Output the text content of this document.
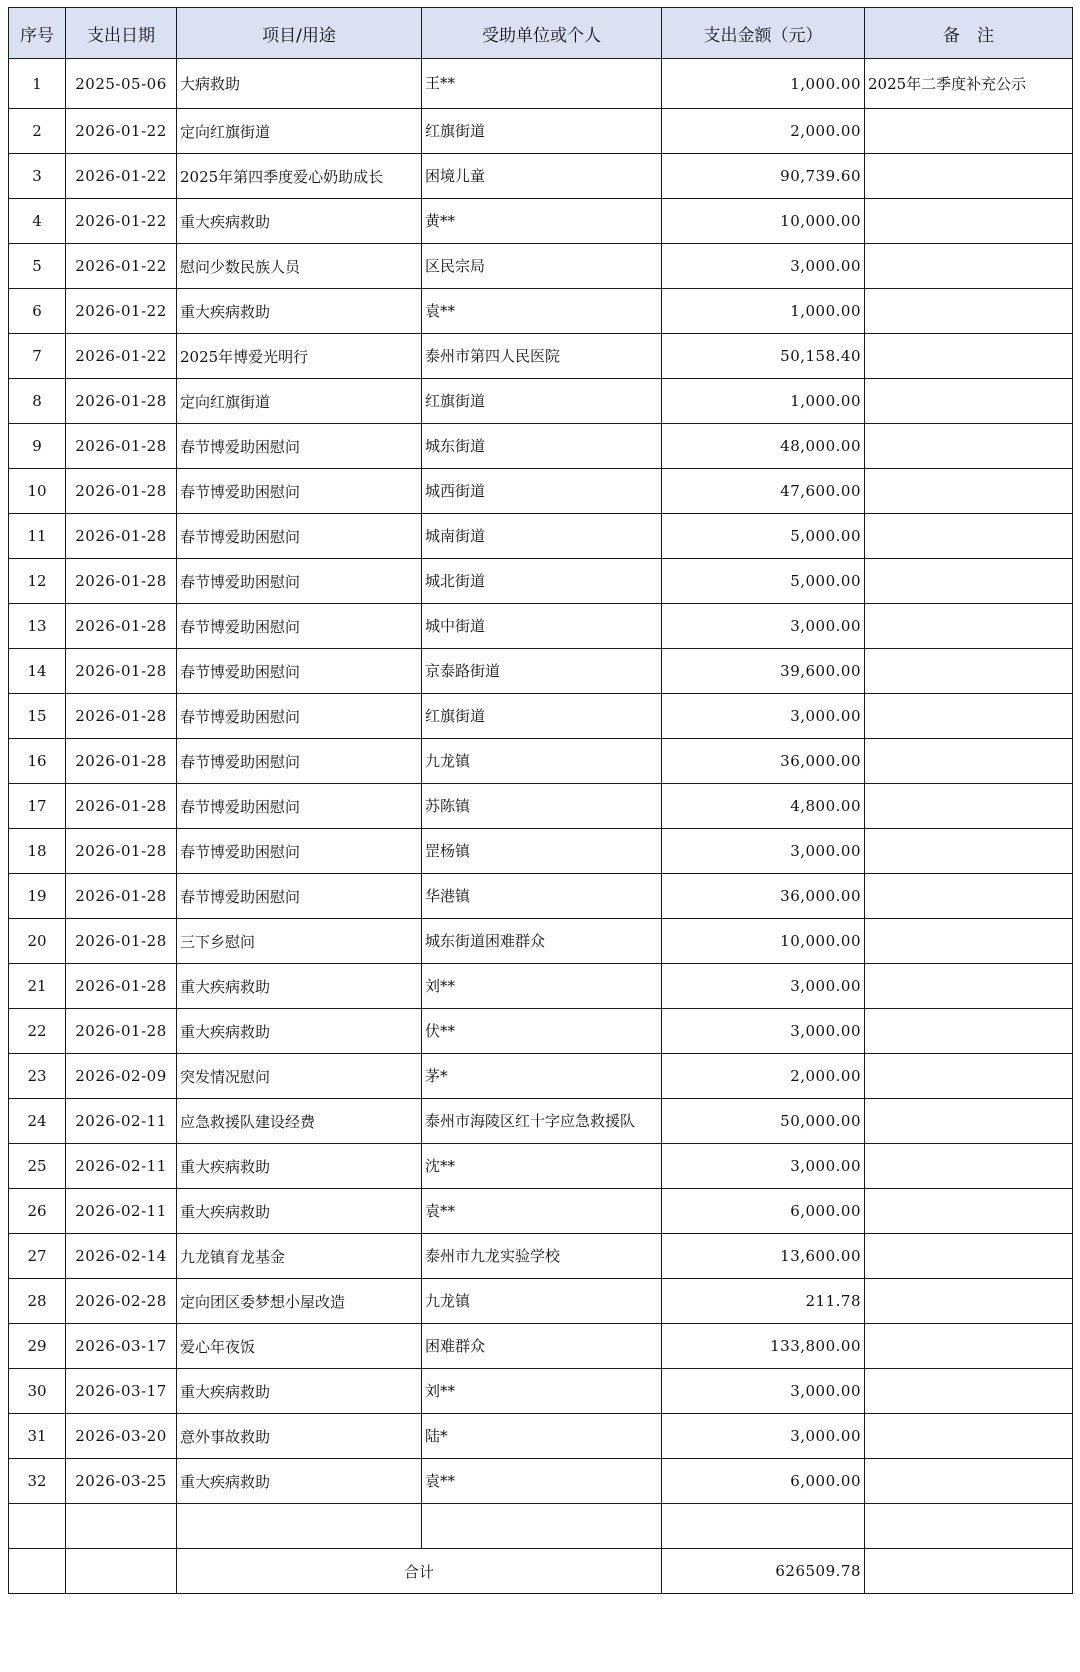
序号	支出日期	项目/用途	受助单位或个人	支出金额（元）	备　注
1	2025-05-06	大病救助	王**	1,000.00	2025年二季度补充公示
2	2026-01-22	定向红旗街道	红旗街道	2,000.00	
3	2026-01-22	2025年第四季度爱心奶助成长	困境儿童	90,739.60	
4	2026-01-22	重大疾病救助	黄**	10,000.00	
5	2026-01-22	慰问少数民族人员	区民宗局	3,000.00	
6	2026-01-22	重大疾病救助	袁**	1,000.00	
7	2026-01-22	2025年博爱光明行	泰州市第四人民医院	50,158.40	
8	2026-01-28	定向红旗街道	红旗街道	1,000.00	
9	2026-01-28	春节博爱助困慰问	城东街道	48,000.00	
10	2026-01-28	春节博爱助困慰问	城西街道	47,600.00	
11	2026-01-28	春节博爱助困慰问	城南街道	5,000.00	
12	2026-01-28	春节博爱助困慰问	城北街道	5,000.00	
13	2026-01-28	春节博爱助困慰问	城中街道	3,000.00	
14	2026-01-28	春节博爱助困慰问	京泰路街道	39,600.00	
15	2026-01-28	春节博爱助困慰问	红旗街道	3,000.00	
16	2026-01-28	春节博爱助困慰问	九龙镇	36,000.00	
17	2026-01-28	春节博爱助困慰问	苏陈镇	4,800.00	
18	2026-01-28	春节博爱助困慰问	罡杨镇	3,000.00	
19	2026-01-28	春节博爱助困慰问	华港镇	36,000.00	
20	2026-01-28	三下乡慰问	城东街道困难群众	10,000.00	
21	2026-01-28	重大疾病救助	刘**	3,000.00	
22	2026-01-28	重大疾病救助	伏**	3,000.00	
23	2026-02-09	突发情况慰问	茅*	2,000.00	
24	2026-02-11	应急救援队建设经费	泰州市海陵区红十字应急救援队	50,000.00	
25	2026-02-11	重大疾病救助	沈**	3,000.00	
26	2026-02-11	重大疾病救助	袁**	6,000.00	
27	2026-02-14	九龙镇育龙基金	泰州市九龙实验学校	13,600.00	
28	2026-02-28	定向团区委梦想小屋改造	九龙镇	211.78	
29	2026-03-17	爱心年夜饭	困难群众	133,800.00	
30	2026-03-17	重大疾病救助	刘**	3,000.00	
31	2026-03-20	意外事故救助	陆*	3,000.00	
32	2026-03-25	重大疾病救助	袁**	6,000.00	

		合计		626509.78	
